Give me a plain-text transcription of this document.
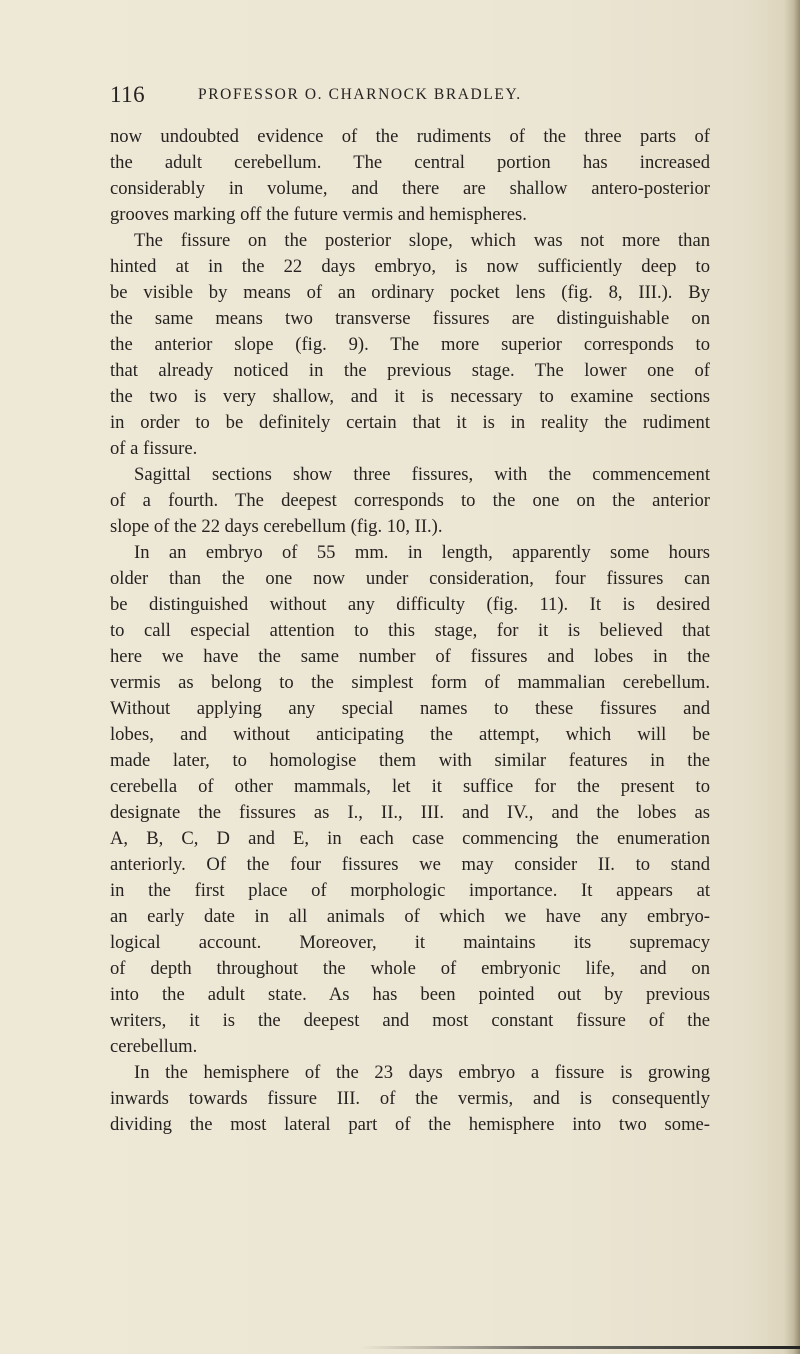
116	PROFESSOR O. CHARNOCK BRADLEY.
now undoubted evidence of the rudiments of the three parts of
the adult cerebellum. The central portion has increased
considerably in volume, and there are shallow antero-posterior
grooves marking off the future vermis and hemispheres.
The fissure on the posterior slope, which was not more than
hinted at in the 22 days embryo, is now sufficiently deep to
be visible by means of an ordinary pocket lens (fig. 8, III.). By
the same means two transverse fissures are distinguishable on
the anterior slope (fig. 9). The more superior corresponds to
that already noticed in the previous stage. The lower one of
the two is very shallow, and it is necessary to examine sections
in order to be definitely certain that it is in reality the rudiment
of a fissure.
Sagittal sections show three fissures, with the commencement
of a fourth. The deepest corresponds to the one on the anterior
slope of the 22 days cerebellum (fig. 10, II.).
In an embryo of 55 mm. in length, apparently some hours
older than the one now under consideration, four fissures can
be distinguished without any difficulty (fig. 11). It is desired
to call especial attention to this stage, for it is believed that
here we have the same number of fissures and lobes in the
vermis as belong to the simplest form of mammalian cerebellum.
Without applying any special names to these fissures and
lobes, and without anticipating the attempt, which will be
made later, to homologise them with similar features in the
cerebella of other mammals, let it suffice for the present to
designate the fissures as I., II., III. and IV., and the lobes as
A, B, C, D and E, in each case commencing the enumeration
anteriorly. Of the four fissures we may consider II. to stand
in the first place of morphologic importance. It appears at
an early date in all animals of which we have any embryo-
logical account. Moreover, it maintains its supremacy
of depth throughout the whole of embryonic life, and on
into the adult state. As has been pointed out by previous
writers, it is the deepest and most constant fissure of the
cerebellum.
In the hemisphere of the 23 days embryo a fissure is growing
inwards towards fissure III. of the vermis, and is consequently
dividing the most lateral part of the hemisphere into two some-
